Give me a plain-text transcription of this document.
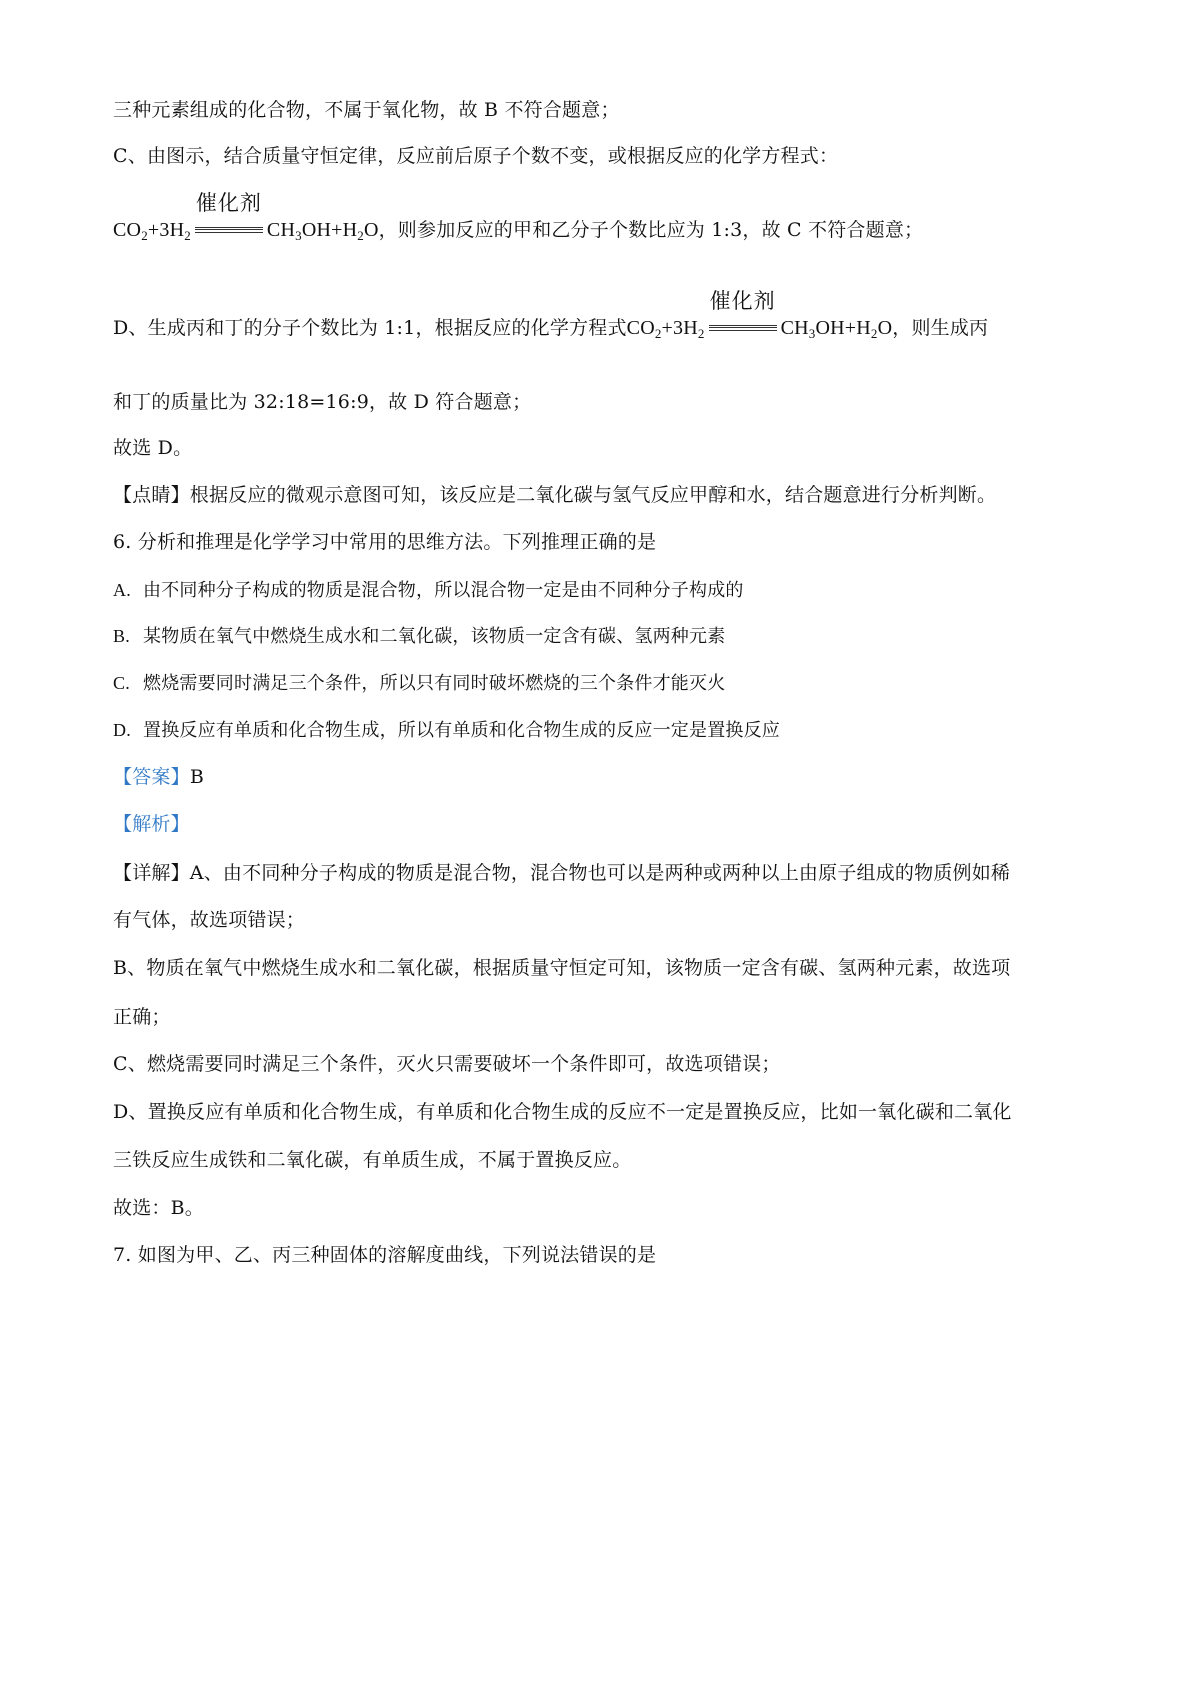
三种元素组成的化合物，不属于氧化物，故 B 不符合题意；
C、由图示，结合质量守恒定律，反应前后原子个数不变，或根据反应的化学方程式：
$CO_2+3H_2$
催化剂
$CH_3OH+H_2O$，则参加反应的甲和乙分子个数比应为 1:3，故 C 不符合题意；
D、生成丙和丁的分子个数比为 1:1，根据反应的化学方程式$CO_2+3H_2$
催化剂
$CH_3OH+H_2O$，则生成丙
和丁的质量比为 32:18=16:9，故 D 符合题意；
故选 D。
【点睛】根据反应的微观示意图可知，该反应是二氧化碳与氢气反应甲醇和水，结合题意进行分析判断。
6. 分析和推理是化学学习中常用的思维方法。下列推理正确的是
A. 由不同种分子构成的物质是混合物，所以混合物一定是由不同种分子构成的
B. 某物质在氧气中燃烧生成水和二氧化碳，该物质一定含有碳、氢两种元素
C. 燃烧需要同时满足三个条件，所以只有同时破坏燃烧的三个条件才能灭火
D. 置换反应有单质和化合物生成，所以有单质和化合物生成的反应一定是置换反应
【答案】B
【解析】
【详解】A、由不同种分子构成的物质是混合物，混合物也可以是两种或两种以上由原子组成的物质例如稀
有气体，故选项错误；
B、物质在氧气中燃烧生成水和二氧化碳，根据质量守恒定可知，该物质一定含有碳、氢两种元素，故选项
正确；
C、燃烧需要同时满足三个条件，灭火只需要破坏一个条件即可，故选项错误；
D、置换反应有单质和化合物生成，有单质和化合物生成的反应不一定是置换反应，比如一氧化碳和二氧化
三铁反应生成铁和二氧化碳，有单质生成，不属于置换反应。
故选：B。
7. 如图为甲、乙、丙三种固体的溶解度曲线，下列说法错误的是
